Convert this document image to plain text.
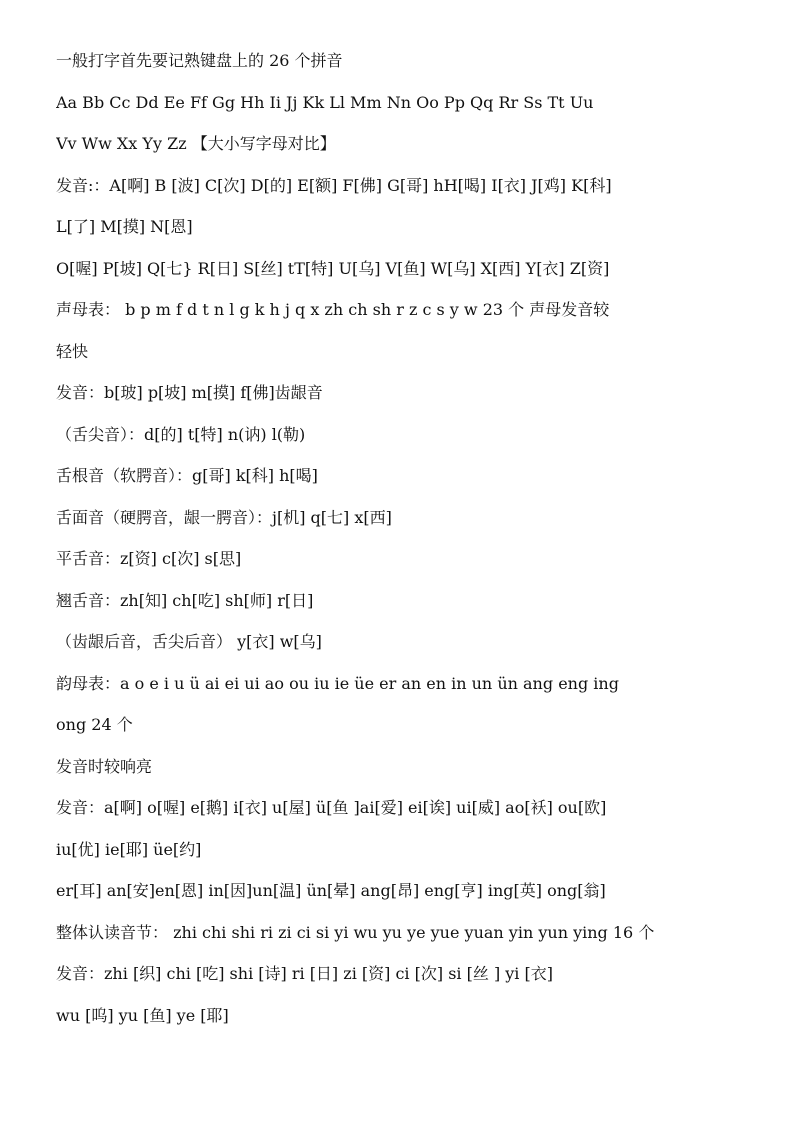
一般打字首先要记熟键盘上的 26 个拼音
Aa Bb Cc Dd Ee Ff Gg Hh Ii Jj Kk Ll Mm Nn Oo Pp Qq Rr Ss Tt Uu
Vv Ww Xx Yy Zz 【大小写字母对比】
发音:：A[啊] B [波] C[次] D[的] E[额] F[佛] G[哥] hH[喝] I[衣] J[鸡] K[科]
L[了] M[摸] N[恩]
O[喔] P[坡] Q[七} R[日] S[丝] tT[特] U[乌] V[鱼] W[乌] X[西] Y[衣] Z[资]
声母表： b p m f d t n l g k h j q x zh ch sh r z c s y w 23 个 声母发音较
轻快
发音：b[玻] p[坡] m[摸] f[佛]齿龈音
（舌尖音）：d[的] t[特] n(讷) l(勒)
舌根音（软腭音）：g[哥] k[科] h[喝]
舌面音（硬腭音，龈一腭音）：j[机] q[七] x[西]
平舌音：z[资] c[次] s[思]
翘舌音：zh[知] ch[吃] sh[师] r[日]
（齿龈后音，舌尖后音） y[衣] w[乌]
韵母表：a o e i u ü ai ei ui ao ou iu ie üe er an en in un ün ang eng ing
ong 24 个
发音时较响亮
发音：a[啊] o[喔] e[鹅] i[衣] u[屋] ü[鱼 ]ai[爱] ei[诶] ui[威] ao[袄] ou[欧]
iu[优] ie[耶] üe[约]
er[耳] an[安]en[恩] in[因]un[温] ün[晕] ang[昂] eng[亨] ing[英] ong[翁]
整体认读音节： zhi chi shi ri zi ci si yi wu yu ye yue yuan yin yun ying 16 个
发音：zhi [织] chi [吃] shi [诗] ri [日] zi [资] ci [次] si [丝 ] yi [衣]
wu [呜] yu [鱼] ye [耶]
